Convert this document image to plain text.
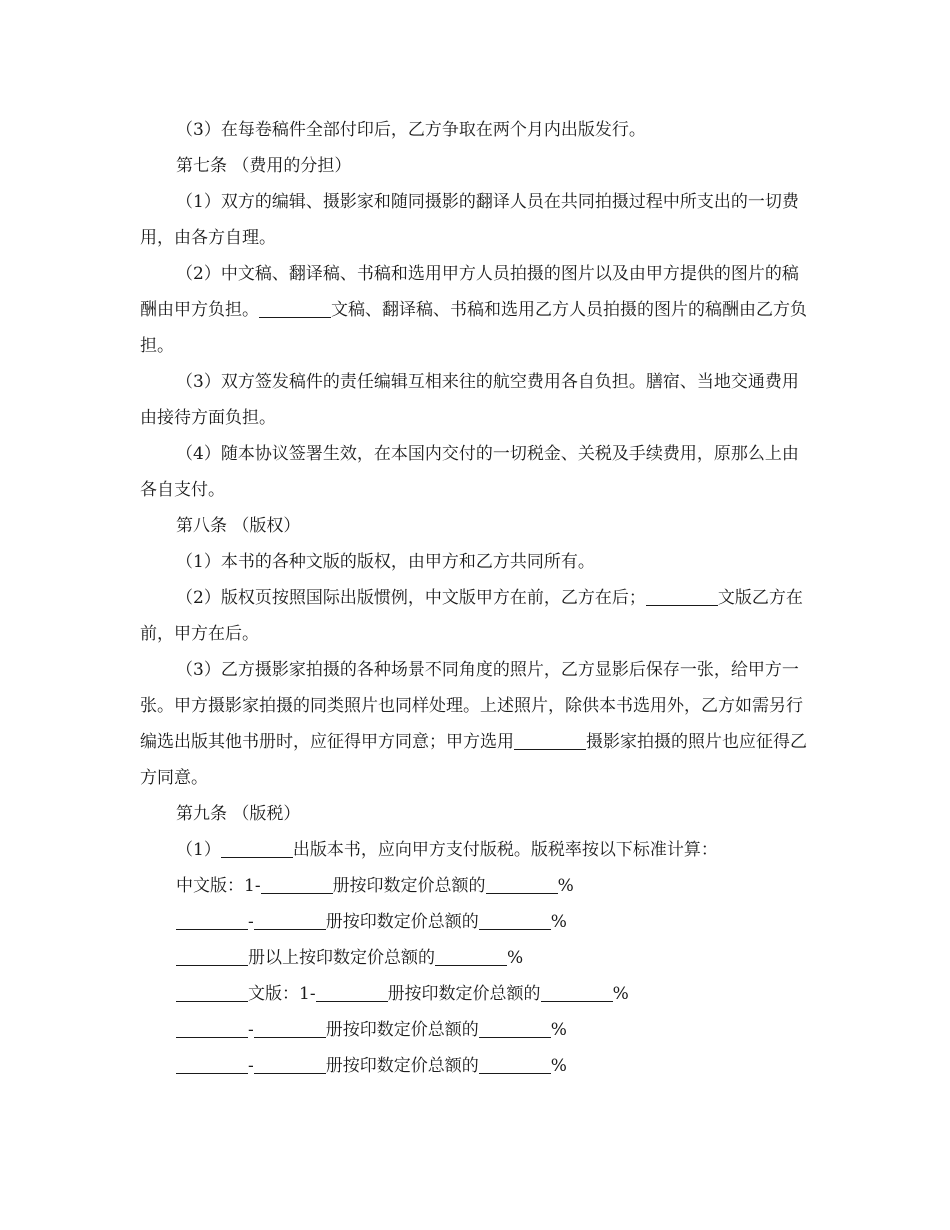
（3）在每卷稿件全部付印后，乙方争取在两个月内出版发行。

第七条 （费用的分担）

（1）双方的编辑、摄影家和随同摄影的翻译人员在共同拍摄过程中所支出的一切费用，由各方自理。

（2）中文稿、翻译稿、书稿和选用甲方人员拍摄的图片以及由甲方提供的图片的稿酬由甲方负担。	文稿、翻译稿、书稿和选用乙方人员拍摄的图片的稿酬由乙方负担。

（3）双方签发稿件的责任编辑互相来往的航空费用各自负担。膳宿、当地交通费用由接待方面负担。

（4）随本协议签署生效，在本国内交付的一切税金、关税及手续费用，原那么上由各自支付。

第八条 （版权）

（1）本书的各种文版的版权，由甲方和乙方共同所有。

（2）版权页按照国际出版惯例，中文版甲方在前，乙方在后；	文版乙方在前，甲方在后。

（3）乙方摄影家拍摄的各种场景不同角度的照片，乙方显影后保存一张，给甲方一张。甲方摄影家拍摄的同类照片也同样处理。上述照片，除供本书选用外，乙方如需另行编选出版其他书册时，应征得甲方同意；甲方选用	摄影家拍摄的照片也应征得乙方同意。

第九条 （版税）

（1）	出版本书，应向甲方支付版税。版税率按以下标准计算：

中文版：1-	册按印数定价总额的	%
-	册按印数定价总额的	%
册以上按印数定价总额的	%
文版：1-	册按印数定价总额的	%
-	册按印数定价总额的	%
-	册按印数定价总额的	%
